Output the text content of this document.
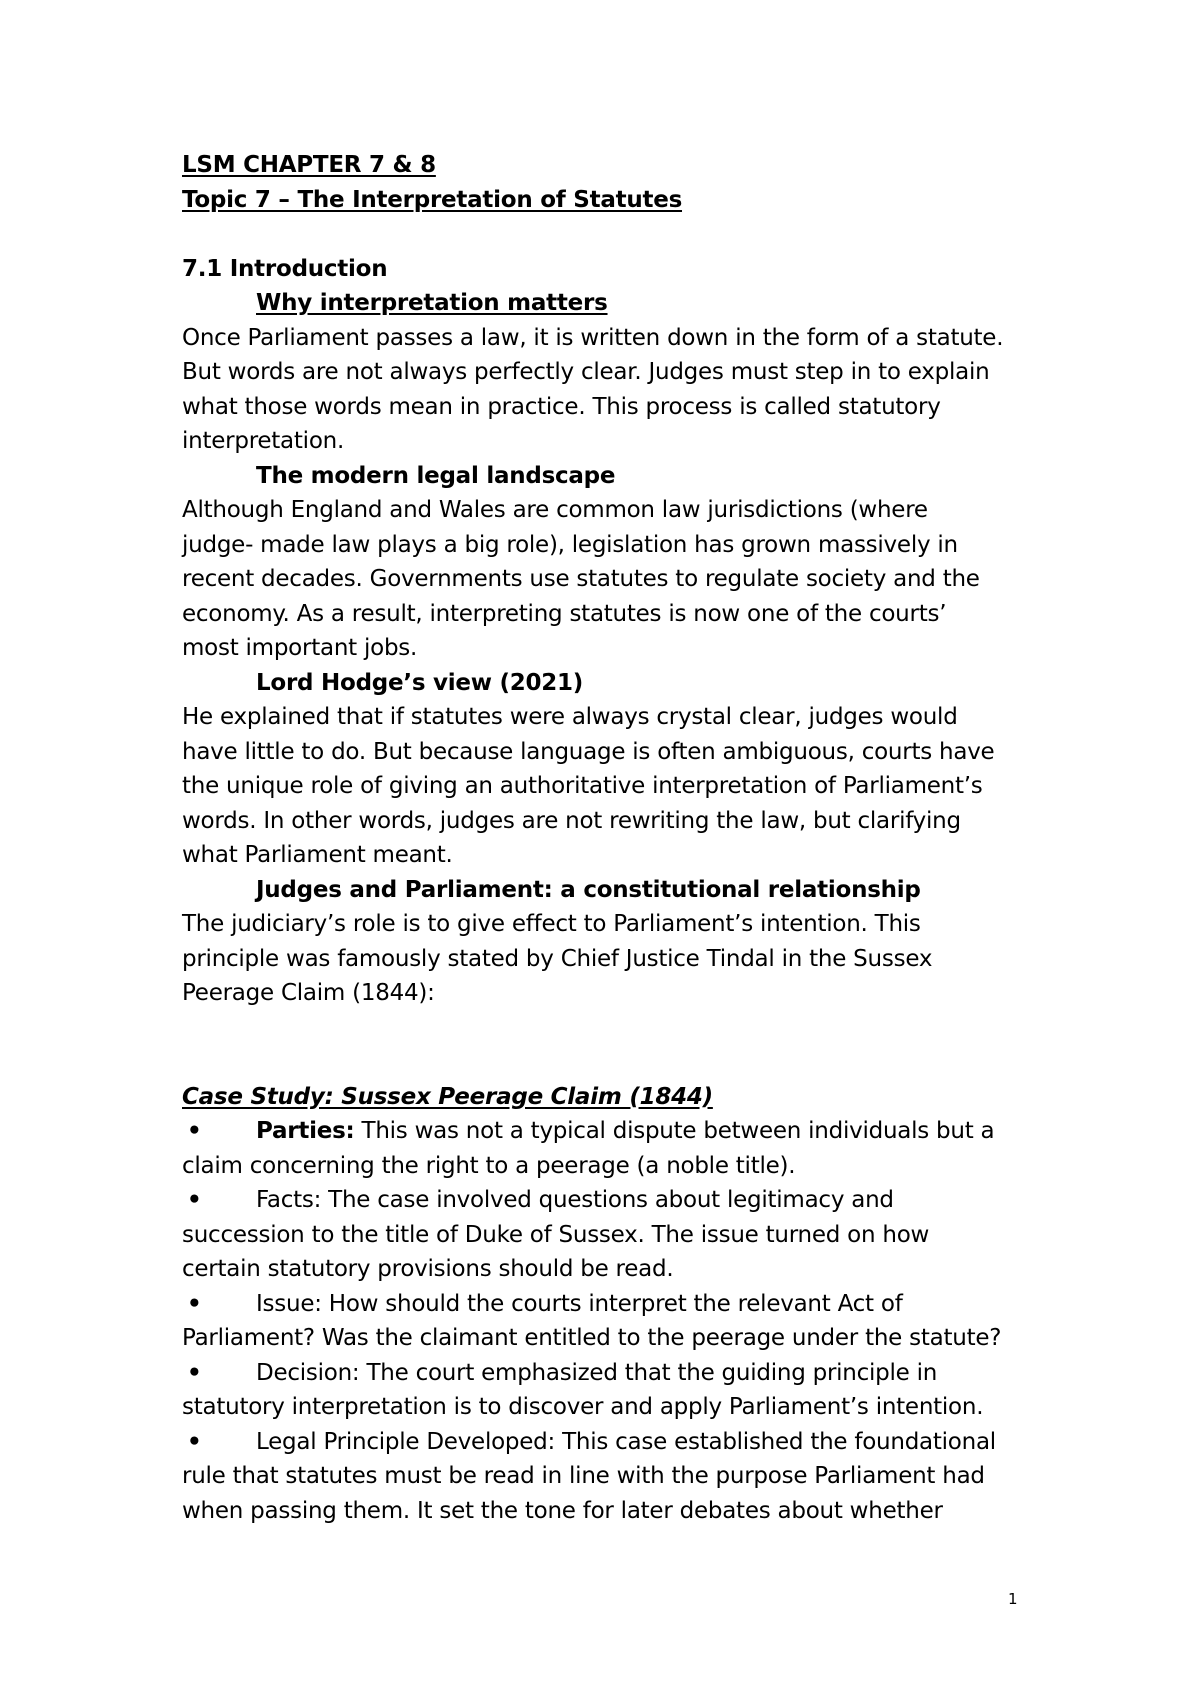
LSM CHAPTER 7 & 8
Topic 7 – The Interpretation of Statutes
7.1 Introduction
Why interpretation matters
Once Parliament passes a law, it is written down in the form of a statute.
But words are not always perfectly clear. Judges must step in to explain
what those words mean in practice. This process is called statutory
interpretation.
The modern legal landscape
Although England and Wales are common law jurisdictions (where
judge- made law plays a big role), legislation has grown massively in
recent decades. Governments use statutes to regulate society and the
economy. As a result, interpreting statutes is now one of the courts’
most important jobs.
Lord Hodge’s view (2021)
He explained that if statutes were always crystal clear, judges would
have little to do. But because language is often ambiguous, courts have
the unique role of giving an authoritative interpretation of Parliament’s
words. In other words, judges are not rewriting the law, but clarifying
what Parliament meant.
Judges and Parliament: a constitutional relationship
The judiciary’s role is to give effect to Parliament’s intention. This
principle was famously stated by Chief Justice Tindal in the Sussex
Peerage Claim (1844):
Case Study: Sussex Peerage Claim (1844)
• Parties: This was not a typical dispute between individuals but a
claim concerning the right to a peerage (a noble title).
• Facts: The case involved questions about legitimacy and
succession to the title of Duke of Sussex. The issue turned on how
certain statutory provisions should be read.
• Issue: How should the courts interpret the relevant Act of
Parliament? Was the claimant entitled to the peerage under the statute?
• Decision: The court emphasized that the guiding principle in
statutory interpretation is to discover and apply Parliament’s intention.
• Legal Principle Developed: This case established the foundational
rule that statutes must be read in line with the purpose Parliament had
when passing them. It set the tone for later debates about whether
1
